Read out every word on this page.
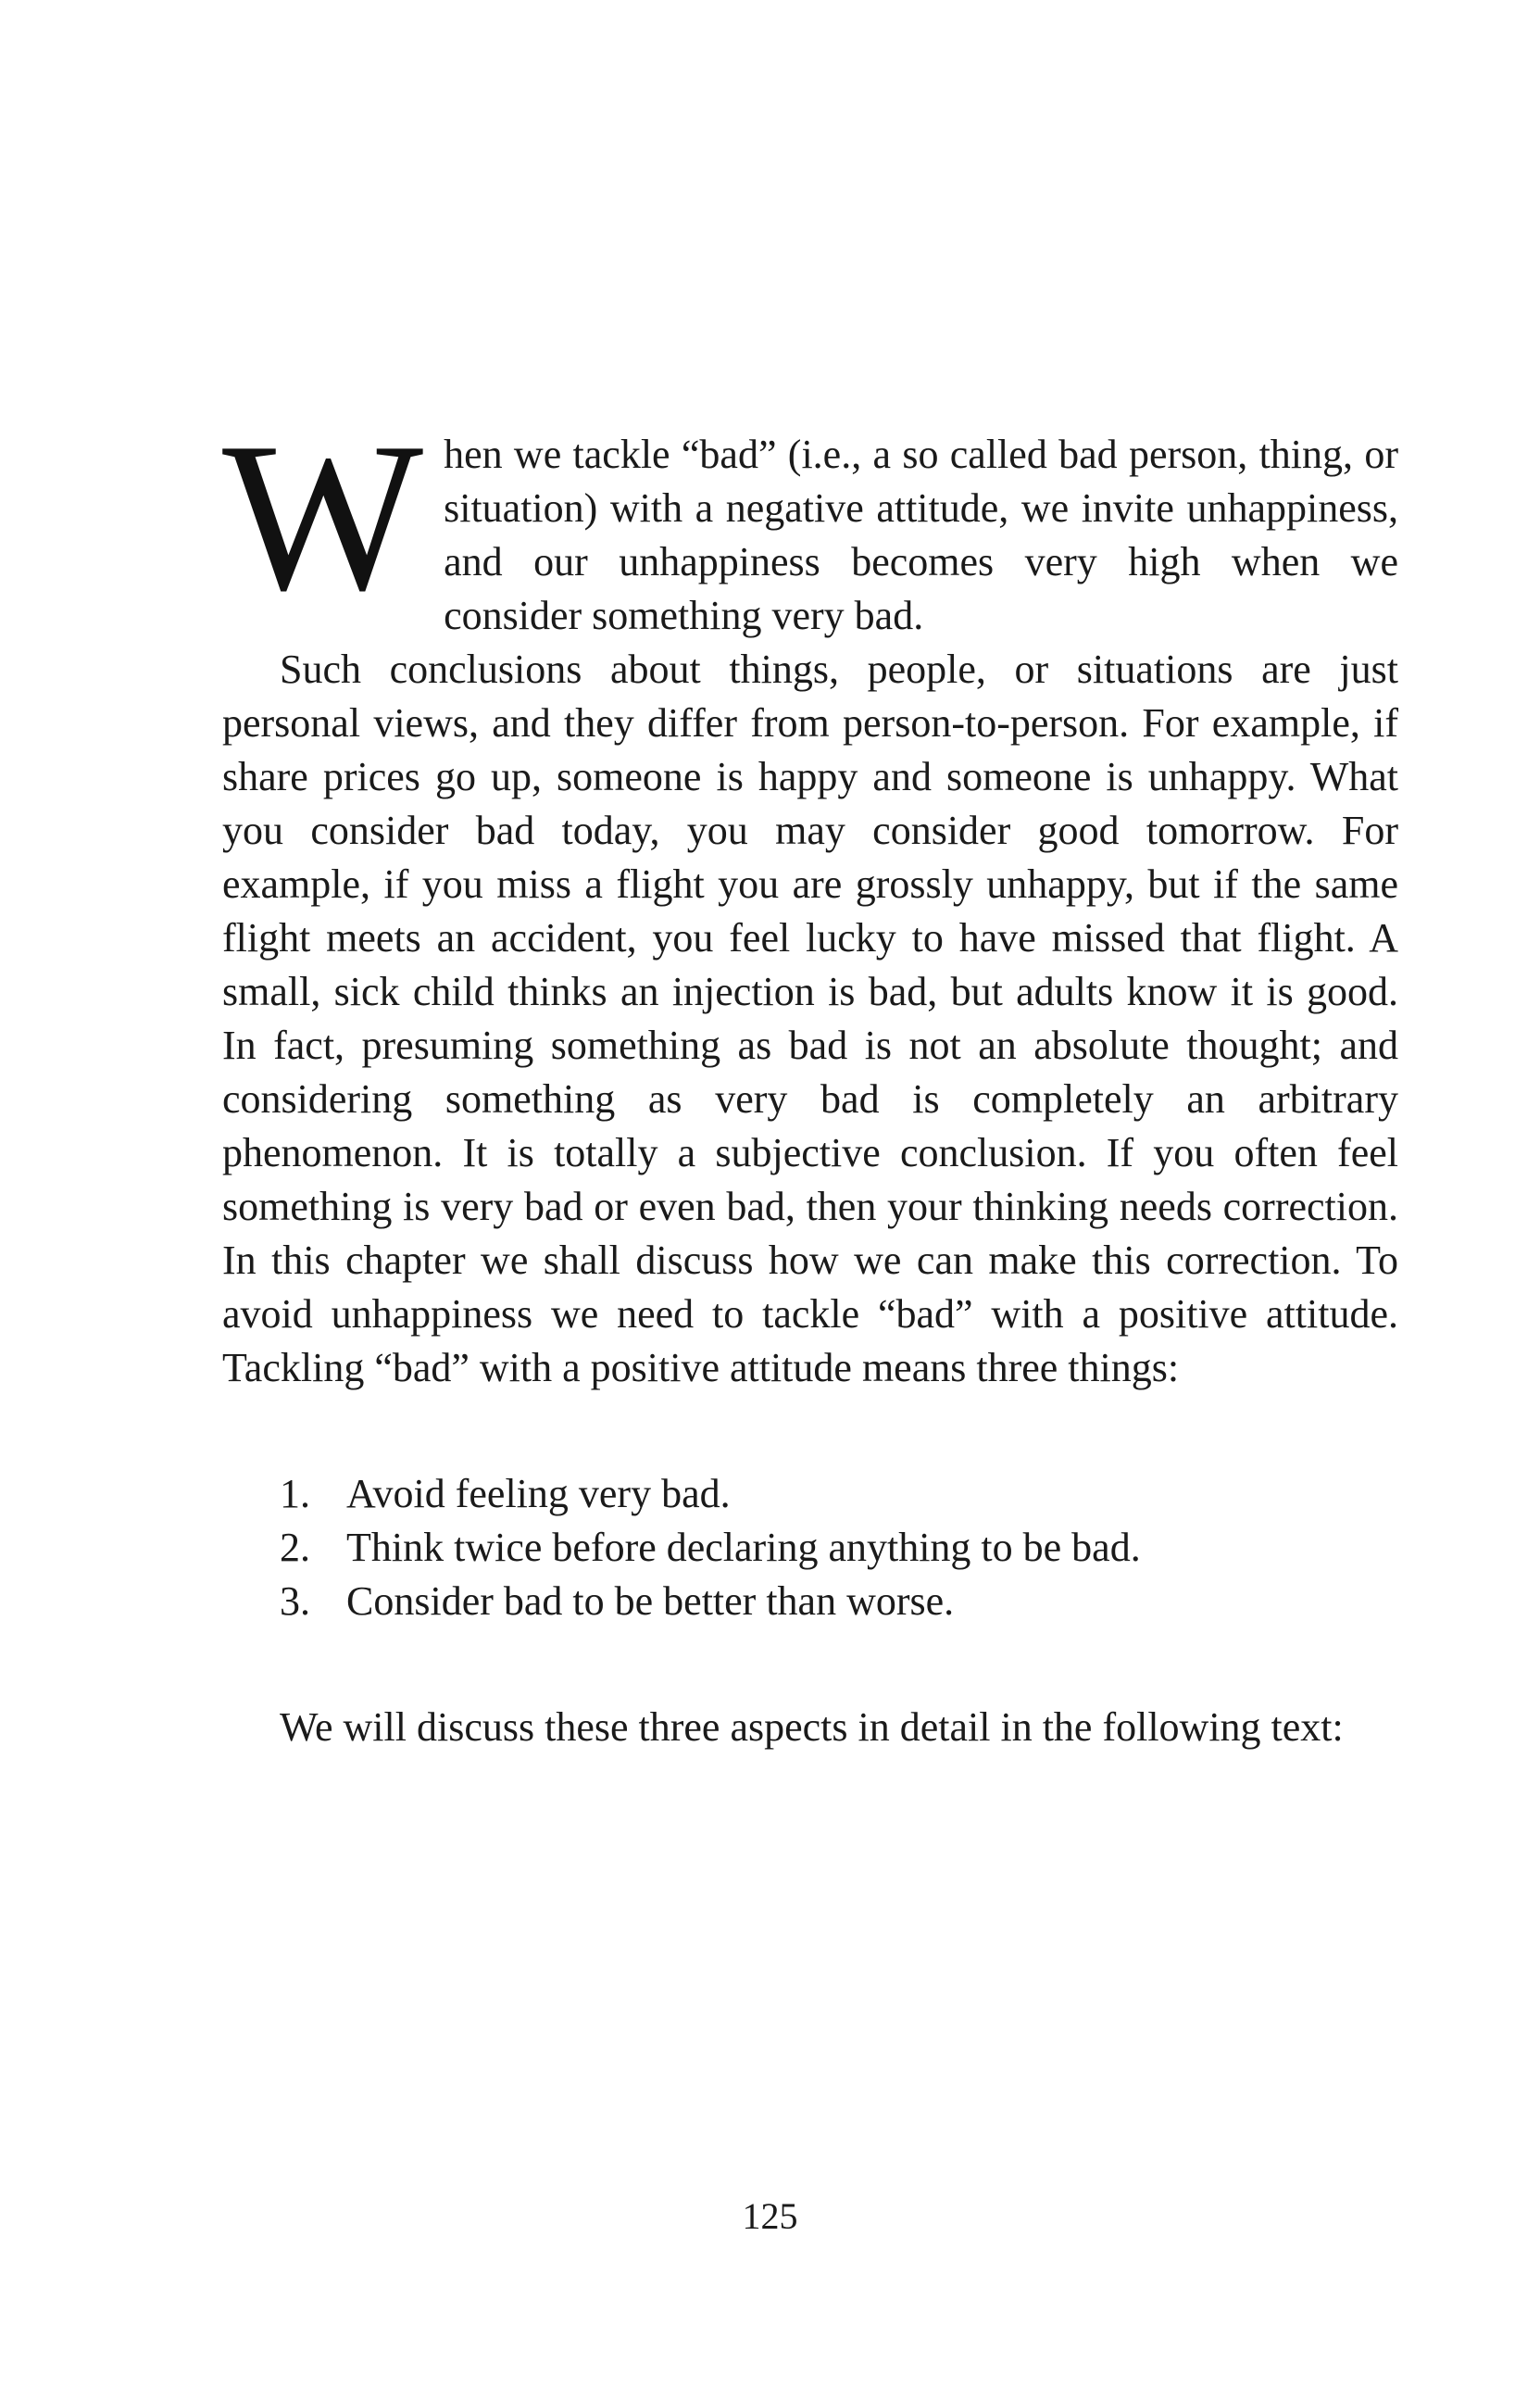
When we tackle “bad” (i.e., a so called bad person, thing, or situation) with a negative attitude, we invite unhappiness, and our unhappiness becomes very high when we consider something very bad.

Such conclusions about things, people, or situations are just personal views, and they differ from person-to-person. For example, if share prices go up, someone is happy and someone is unhappy. What you consider bad today, you may consider good tomorrow. For example, if you miss a flight you are grossly unhappy, but if the same flight meets an accident, you feel lucky to have missed that flight. A small, sick child thinks an injection is bad, but adults know it is good. In fact, presuming something as bad is not an absolute thought; and considering something as very bad is completely an arbitrary phenomenon. It is totally a subjective conclusion. If you often feel something is very bad or even bad, then your thinking needs correction. In this chapter we shall discuss how we can make this correction. To avoid unhappiness we need to tackle “bad” with a positive attitude. Tackling “bad” with a positive attitude means three things:

1. Avoid feeling very bad.
2. Think twice before declaring anything to be bad.
3. Consider bad to be better than worse.

We will discuss these three aspects in detail in the following text:

125
